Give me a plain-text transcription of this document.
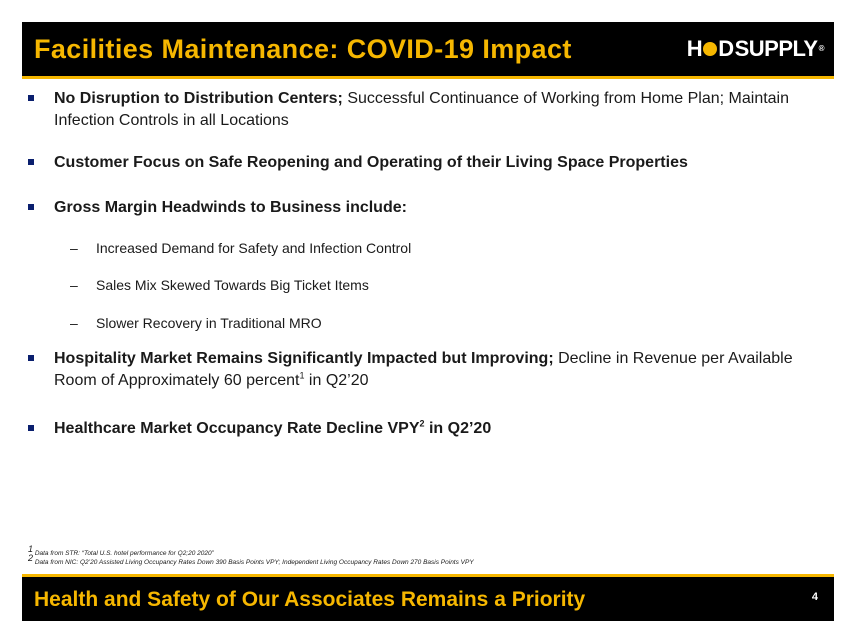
Facilities Maintenance: COVID-19 Impact	H D SUPPLY ®
No Disruption to Distribution Centers; Successful Continuance of Working from Home Plan; Maintain Infection Controls in all Locations
Customer Focus on Safe Reopening and Operating of their Living Space Properties
Gross Margin Headwinds to Business include:
– Increased Demand for Safety and Infection Control
– Sales Mix Skewed Towards Big Ticket Items
– Slower Recovery in Traditional MRO
Hospitality Market Remains Significantly Impacted but Improving; Decline in Revenue per Available Room of Approximately 60 percent$^1$ in Q2’20
Healthcare Market Occupancy Rate Decline VPY$^2$ in Q2’20
$^1$ Data from STR: “Total U.S. hotel performance for Q2;20 2020”
$^2$ Data from NIC: Q2’20 Assisted Living Occupancy Rates Down 390 Basis Points VPY; Independent Living Occupancy Rates Down 270 Basis Points VPY
Health and Safety of Our Associates Remains a Priority	4
